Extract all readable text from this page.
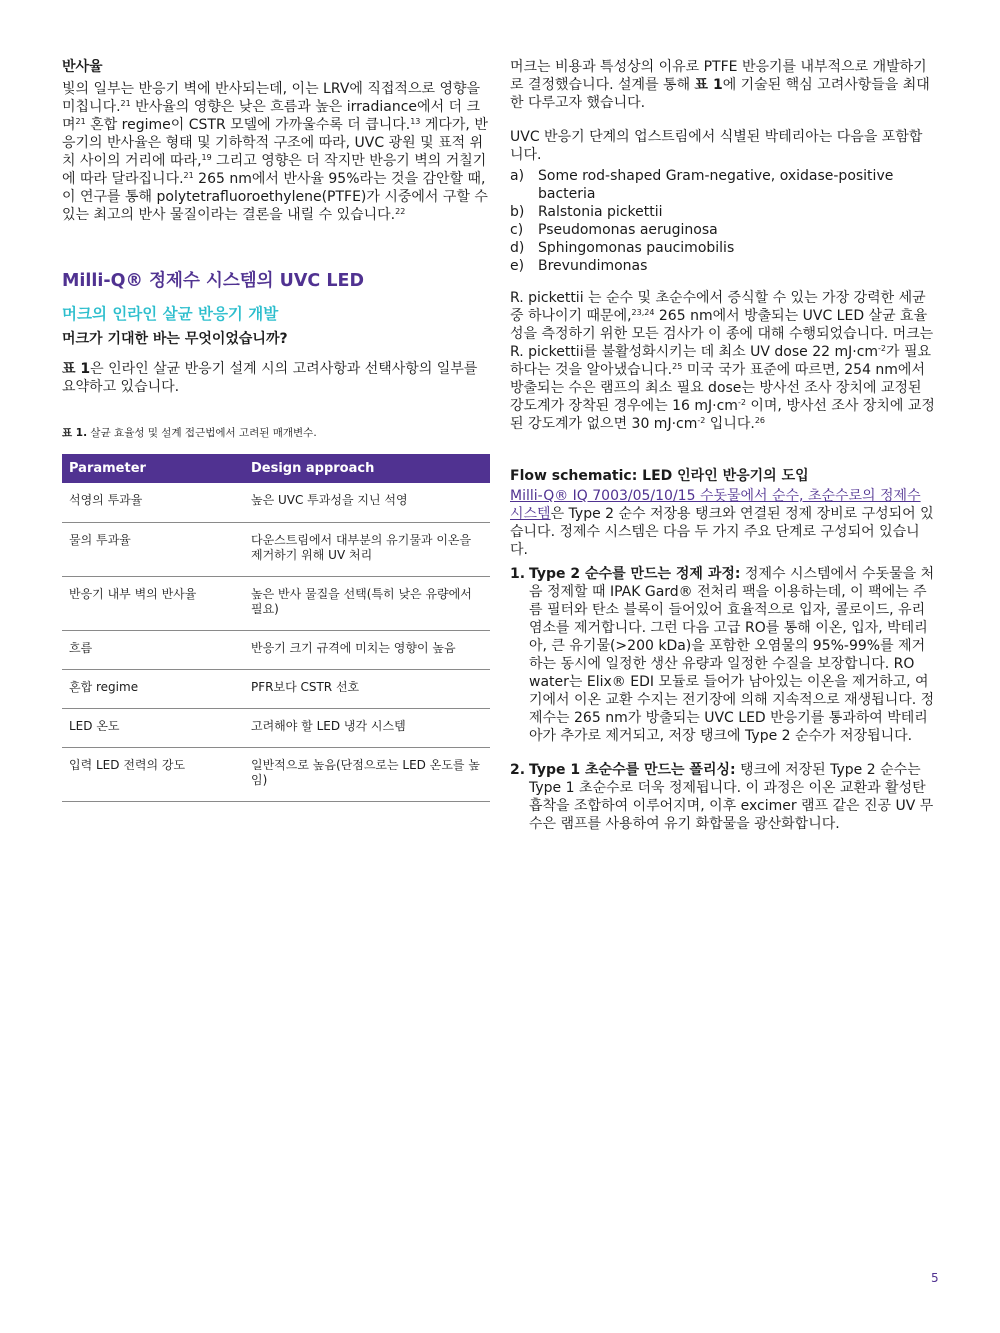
반사율

빛의 일부는 반응기 벽에 반사되는데, 이는 LRV에 직접적으로 영향을 미칩니다.$^{21}$ 반사율의 영향은 낮은 흐름과 높은 irradiance에서 더 크며$^{21}$ 혼합 regime이 CSTR 모델에 가까울수록 더 큽니다.$^{13}$ 게다가, 반응기의 반사율은 형태 및 기하학적 구조에 따라, UVC 광원 및 표적 위치 사이의 거리에 따라,$^{19}$ 그리고 영향은 더 작지만 반응기 벽의 거칠기에 따라 달라집니다.$^{21}$ 265 nm에서 반사율 95%라는 것을 감안할 때, 이 연구를 통해 polytetrafluoroethylene(PTFE)가 시중에서 구할 수 있는 최고의 반사 물질이라는 결론을 내릴 수 있습니다.$^{22}$

Milli-Q® 정제수 시스템의 UVC LED
머크의 인라인 살균 반응기 개발
머크가 기대한 바는 무엇이었습니까?

표 1은 인라인 살균 반응기 설계 시의 고려사항과 선택사항의 일부를 요약하고 있습니다.

표 1. 살균 효율성 및 설계 접근법에서 고려된 매개변수.

Parameter	Design approach
석영의 투과율	높은 UVC 투과성을 지닌 석영
물의 투과율	다운스트림에서 대부분의 유기물과 이온을 제거하기 위해 UV 처리
반응기 내부 벽의 반사율	높은 반사 물질을 선택(특히 낮은 유량에서 필요)
흐름	반응기 크기 규격에 미치는 영향이 높음
혼합 regime	PFR보다 CSTR 선호
LED 온도	고려해야 할 LED 냉각 시스템
입력 LED 전력의 강도	일반적으로 높음(단점으로는 LED 온도를 높임)

머크는 비용과 특성상의 이유로 PTFE 반응기를 내부적으로 개발하기로 결정했습니다. 설계를 통해 표 1에 기술된 핵심 고려사항들을 최대한 다루고자 했습니다.

UVC 반응기 단계의 업스트림에서 식별된 박테리아는 다음을 포함합니다.

a) Some rod-shaped Gram-negative, oxidase-positive bacteria
b) Ralstonia pickettii
c)	Pseudomonas aeruginosa
d) Sphingomonas paucimobilis
e) Brevundimonas

R. pickettii 는 순수 및 초순수에서 증식할 수 있는 가장 강력한 세균 중 하나이기 때문에,$^{23,24}$ 265 nm에서 방출되는 UVC LED 살균 효율성을 측정하기 위한 모든 검사가 이 종에 대해 수행되었습니다. 머크는 R. pickettii를 불활성화시키는 데 최소 UV dose 22 $mJ\cdot cm^{-2}$가 필요하다는 것을 알아냈습니다.$^{25}$ 미국 국가 표준에 따르면, 254 nm에서 방출되는 수은 램프의 최소 필요 dose는 방사선 조사 장치에 교정된 강도계가 장착된 경우에는 16 $mJ\cdot cm^{-2}$ 이며, 방사선 조사 장치에 교정된 강도계가 없으면 30 $mJ\cdot cm^{-2}$ 입니다.$^{26}$

Flow schematic: LED 인라인 반응기의 도입

Milli-Q® IQ 7003/05/10/15 수돗물에서 순수, 초순수로의 정제수 시스템은 Type 2 순수 저장용 탱크와 연결된 정제 장비로 구성되어 있습니다. 정제수 시스템은 다음 두 가지 주요 단계로 구성되어 있습니다.

1. Type 2 순수를 만드는 정제 과정: 정제수 시스템에서 수돗물을 처음 정제할 때 IPAK Gard® 전처리 팩을 이용하는데, 이 팩에는 주름 필터와 탄소 블록이 들어있어 효율적으로 입자, 콜로이드, 유리 염소를 제거합니다. 그런 다음 고급 RO를 통해 이온, 입자, 박테리아, 큰 유기물(>200 kDa)을 포함한 오염물의 95%-99%를 제거하는 동시에 일정한 생산 유량과 일정한 수질을 보장합니다. RO water는 Elix® EDI 모듈로 들어가 남아있는 이온을 제거하고, 여기에서 이온 교환 수지는 전기장에 의해 지속적으로 재생됩니다. 정제수는 265 nm가 방출되는 UVC LED 반응기를 통과하여 박테리아가 추가로 제거되고, 저장 탱크에 Type 2 순수가 저장됩니다.
2. Type 1 초순수를 만드는 폴리싱: 탱크에 저장된 Type 2 순수는 Type 1 초순수로 더욱 정제됩니다. 이 과정은 이온 교환과 활성탄 흡착을 조합하여 이루어지며, 이후 excimer 램프 같은 진공 UV 무수은 램프를 사용하여 유기 화합물을 광산화합니다.
5
